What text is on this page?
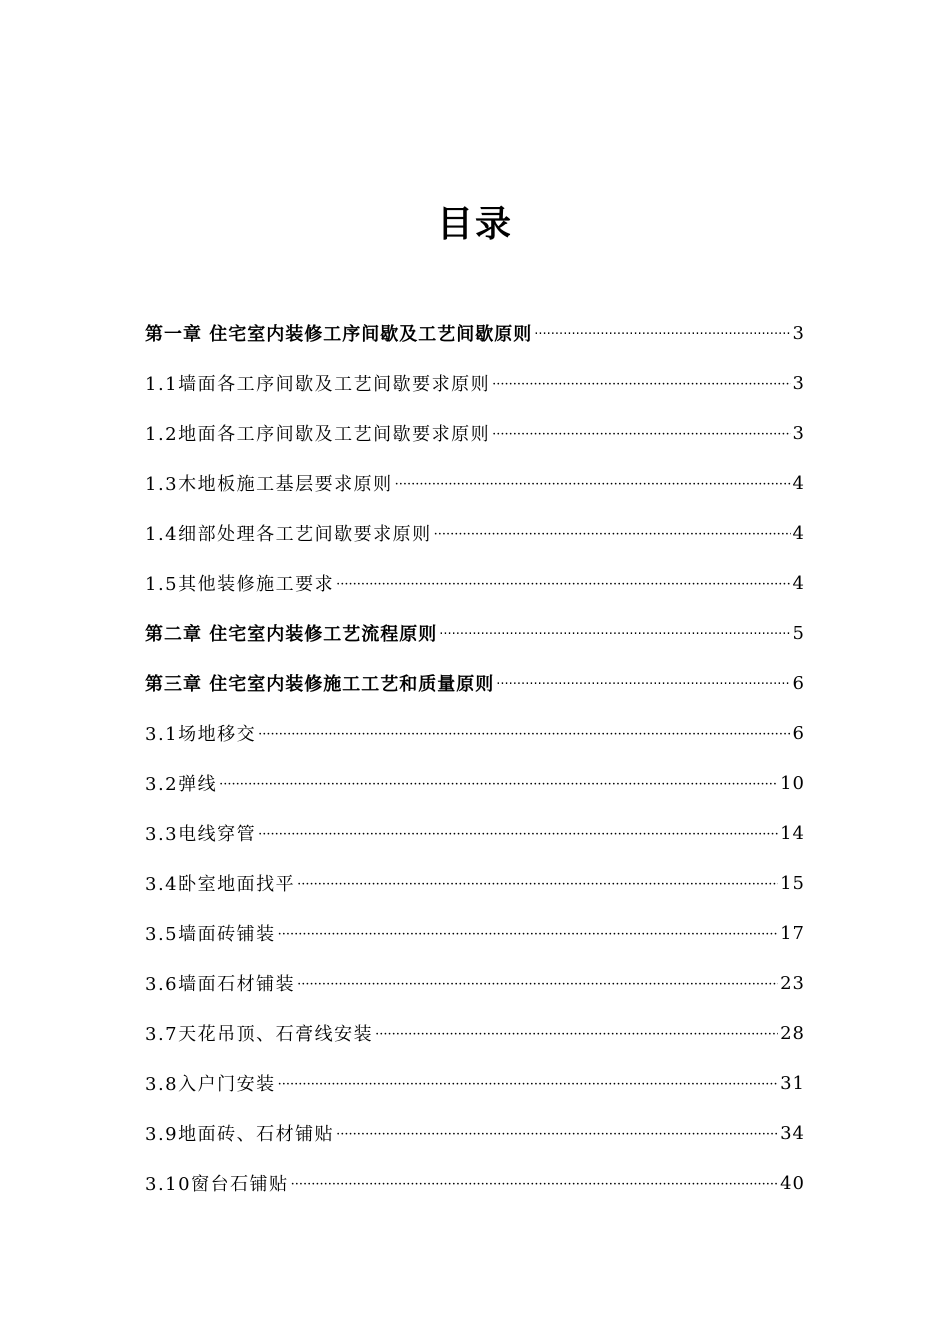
目录
第一章 住宅室内装修工序间歇及工艺间歇原则 ·····	3
1.1墙面各工序间歇及工艺间歇要求原则 ·····	3
1.2地面各工序间歇及工艺间歇要求原则 ·····	3
1.3木地板施工基层要求原则 ·····	4
1.4细部处理各工艺间歇要求原则 ·····	4
1.5其他装修施工要求 ·····	4
第二章 住宅室内装修工艺流程原则 ·····	5
第三章 住宅室内装修施工工艺和质量原则 ·····	6
3.1场地移交 ·····	6
3.2弹线 ·····	10
3.3电线穿管 ·····	14
3.4卧室地面找平 ·····	15
3.5墙面砖铺装 ·····	17
3.6墙面石材铺装 ·····	23
3.7天花吊顶、石膏线安装 ·····	28
3.8入户门安装 ·····	31
3.9地面砖、石材铺贴 ·····	34
3.10窗台石铺贴 ·····	40
